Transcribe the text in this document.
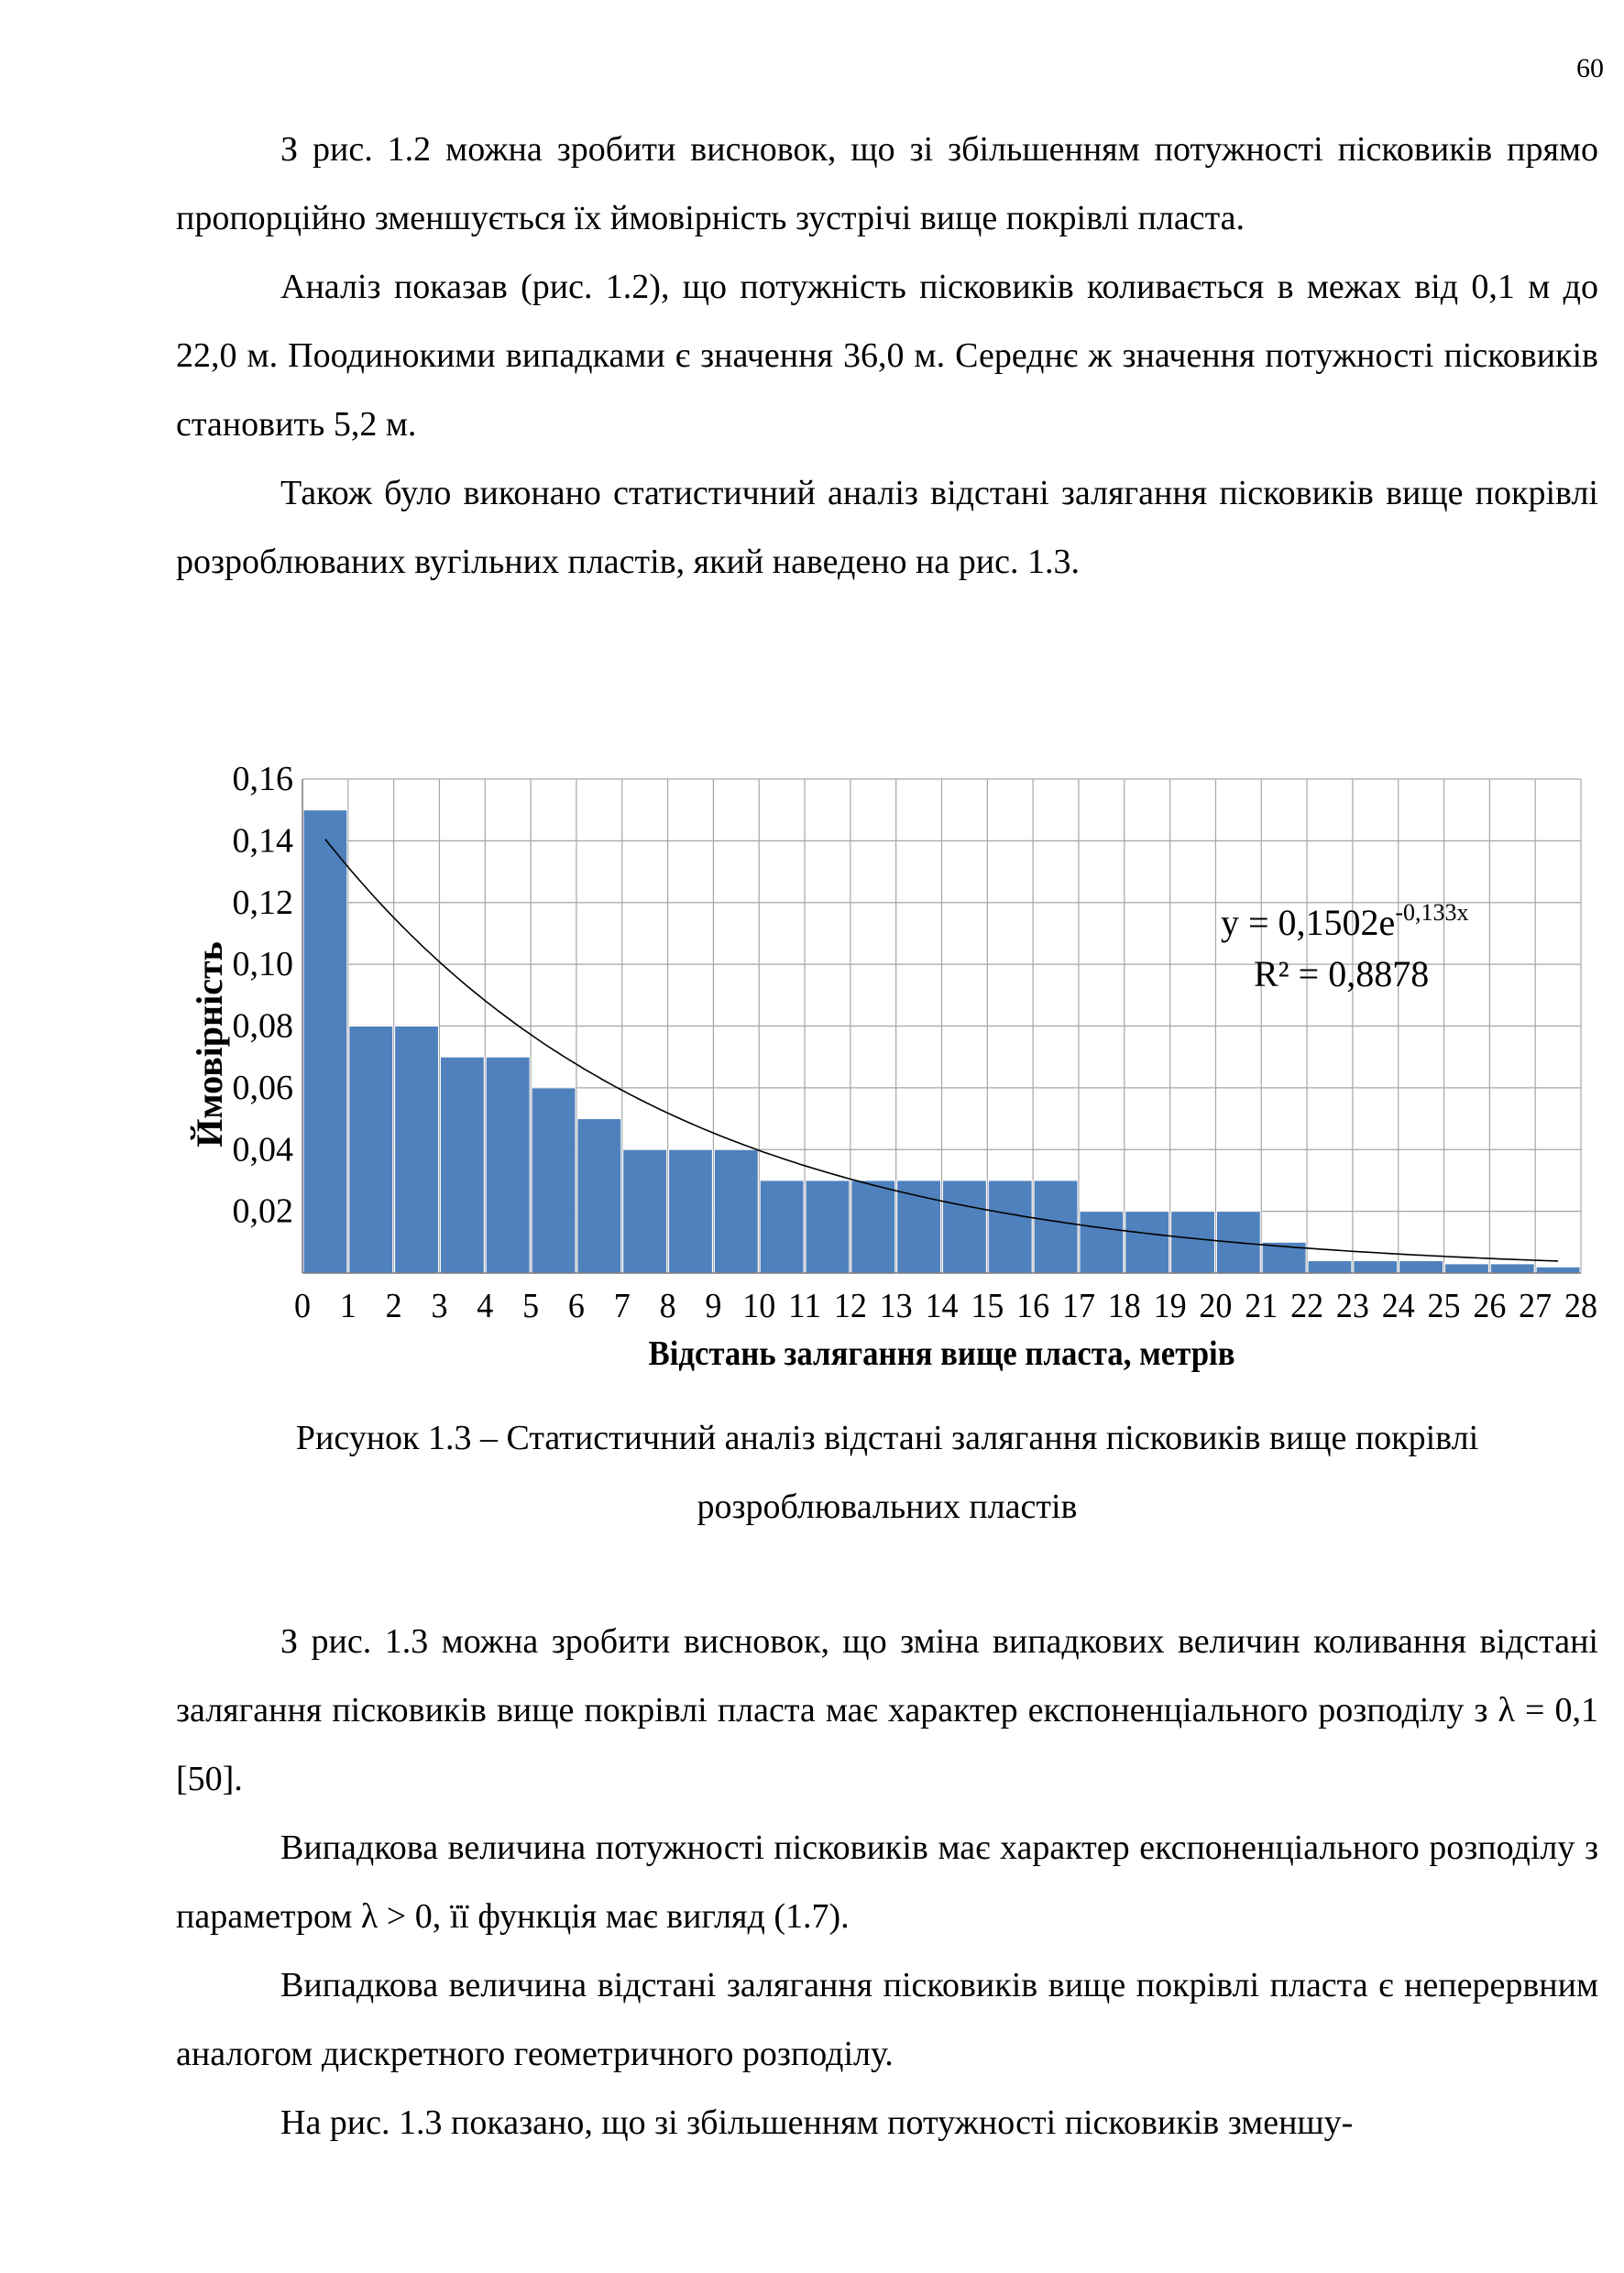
60

З рис. 1.2 можна зробити висновок, що зі збільшенням потужності пісковиків прямо пропорційно зменшується їх ймовірність зустрічі вище покрівлі пласта.

Аналіз показав (рис. 1.2), що потужність пісковиків коливається в межах від 0,1 м до 22,0 м. Поодинокими випадками є значення 36,0 м. Середнє ж значення потужності пісковиків становить 5,2 м.

Також було виконано статистичний аналіз відстані залягання пісковиків вище покрівлі розроблюваних вугільних пластів, який наведено на рис. 1.3.

0,02
0,04
0,06
0,08
0,10
0,12
0,14
0,16
0 1 2 3 4 5 6 7 8 9 10 11 12 13 14 15 16 17 18 19 20 21 22 23 24 25 26 27 28
Відстань залягання вище пласта, метрів
Ймовірність
$y = 0,1502e^{-0,133x}$
R² = 0,8878

Рисунок 1.3 – Статистичний аналіз відстані залягання пісковиків вище покрівлі

розроблювальних пластів

З рис. 1.3 можна зробити висновок, що зміна випадкових величин коливання відстані залягання пісковиків вище покрівлі пласта має характер експоненціального розподілу з λ = 0,1 [50].

Випадкова величина потужності пісковиків має характер експоненціального розподілу з параметром λ > 0, її функція має вигляд (1.7).

Випадкова величина відстані залягання пісковиків вище покрівлі пласта є неперервним аналогом дискретного геометричного розподілу.

На рис. 1.3 показано, що зі збільшенням потужності пісковиків зменшу-
